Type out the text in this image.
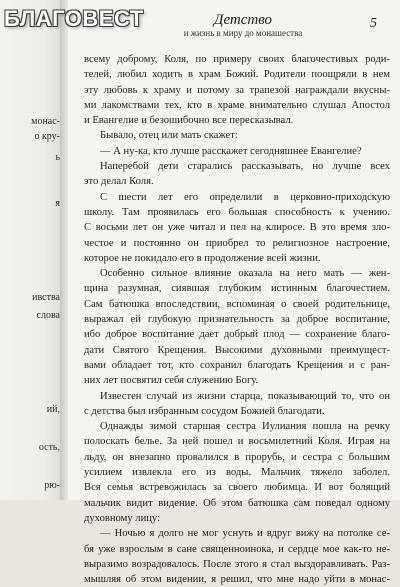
монас-
о кру-
ь
я
ивства
слова
ий,
ость,
рю-
БЛАГОВЕСТ	Детство
и жизнь в миру до монашества
5
всему доброму, Коля, по примеру своих благочестивых роди-
телей, любил ходить в храм Божий. Родители поощряли в нем
эту любовь к храму и потому за трапезой награждали вкусны-
ми лакомствами тех, кто в храме внимательно слушал Апостол
и Евангелие и безошибочно все пересказывал.
Бывало, отец или мать скажет:
— А ну-ка, кто лучше расскажет сегодняшнее Евангелие?
Наперебой дети старались рассказывать, но лучше всех
это делал Коля.
С шести лет его определили в церковно-приходскую
школу. Там проявилась его большая способность к учению.
С восьми лет он уже читал и пел на клиросе. В это время зло-
честое и постоянно он приобрел то религиозное настроение,
которое не покидало его в продолжение всей жизни.
Особенно сильное влияние оказала на него мать — жен-
щина разумная, сиявшая глубоким истинным благочестием.
Сам батюшка впоследствии, вспоминая о своей родительнице,
выражал ей глубокую признательность за доброе воспитание,
ибо доброе воспитание дает добрый плод — сохранение благо-
дати Святого Крещения. Высокими духовными преимущест-
вами обладает тот, кто сохранил благодать Крещения и с ран-
них лет посвятил себя служению Богу.
Известен случай из жизни старца, показывающий то, что он
с детства был избранным сосудом Божией благодати.
Однажды зимой старшая сестра Иулиания пошла на речку
полоскать белье. За ней пошел и восьмилетний Коля. Играя на
льду, он внезапно провалился в прорубь, и сестра с большим
усилием извлекла его из воды. Мальчик тяжело заболел.
Вся семья встревожилась за своего любимца. И вот болящий
мальчик видит видение. Об этом батюшка сам поведал одному
духовному лицу:
— Ночью я долго не мог уснуть и вдруг вижу на потолке се-
бя уже взрослым в сане священноинока, и сердце мое как-то не-
выразимо возрадовалось. После этого я стал выздоравливать. Раз-
мышляя об этом видении, я решил, что мне надо уйти в монас-
